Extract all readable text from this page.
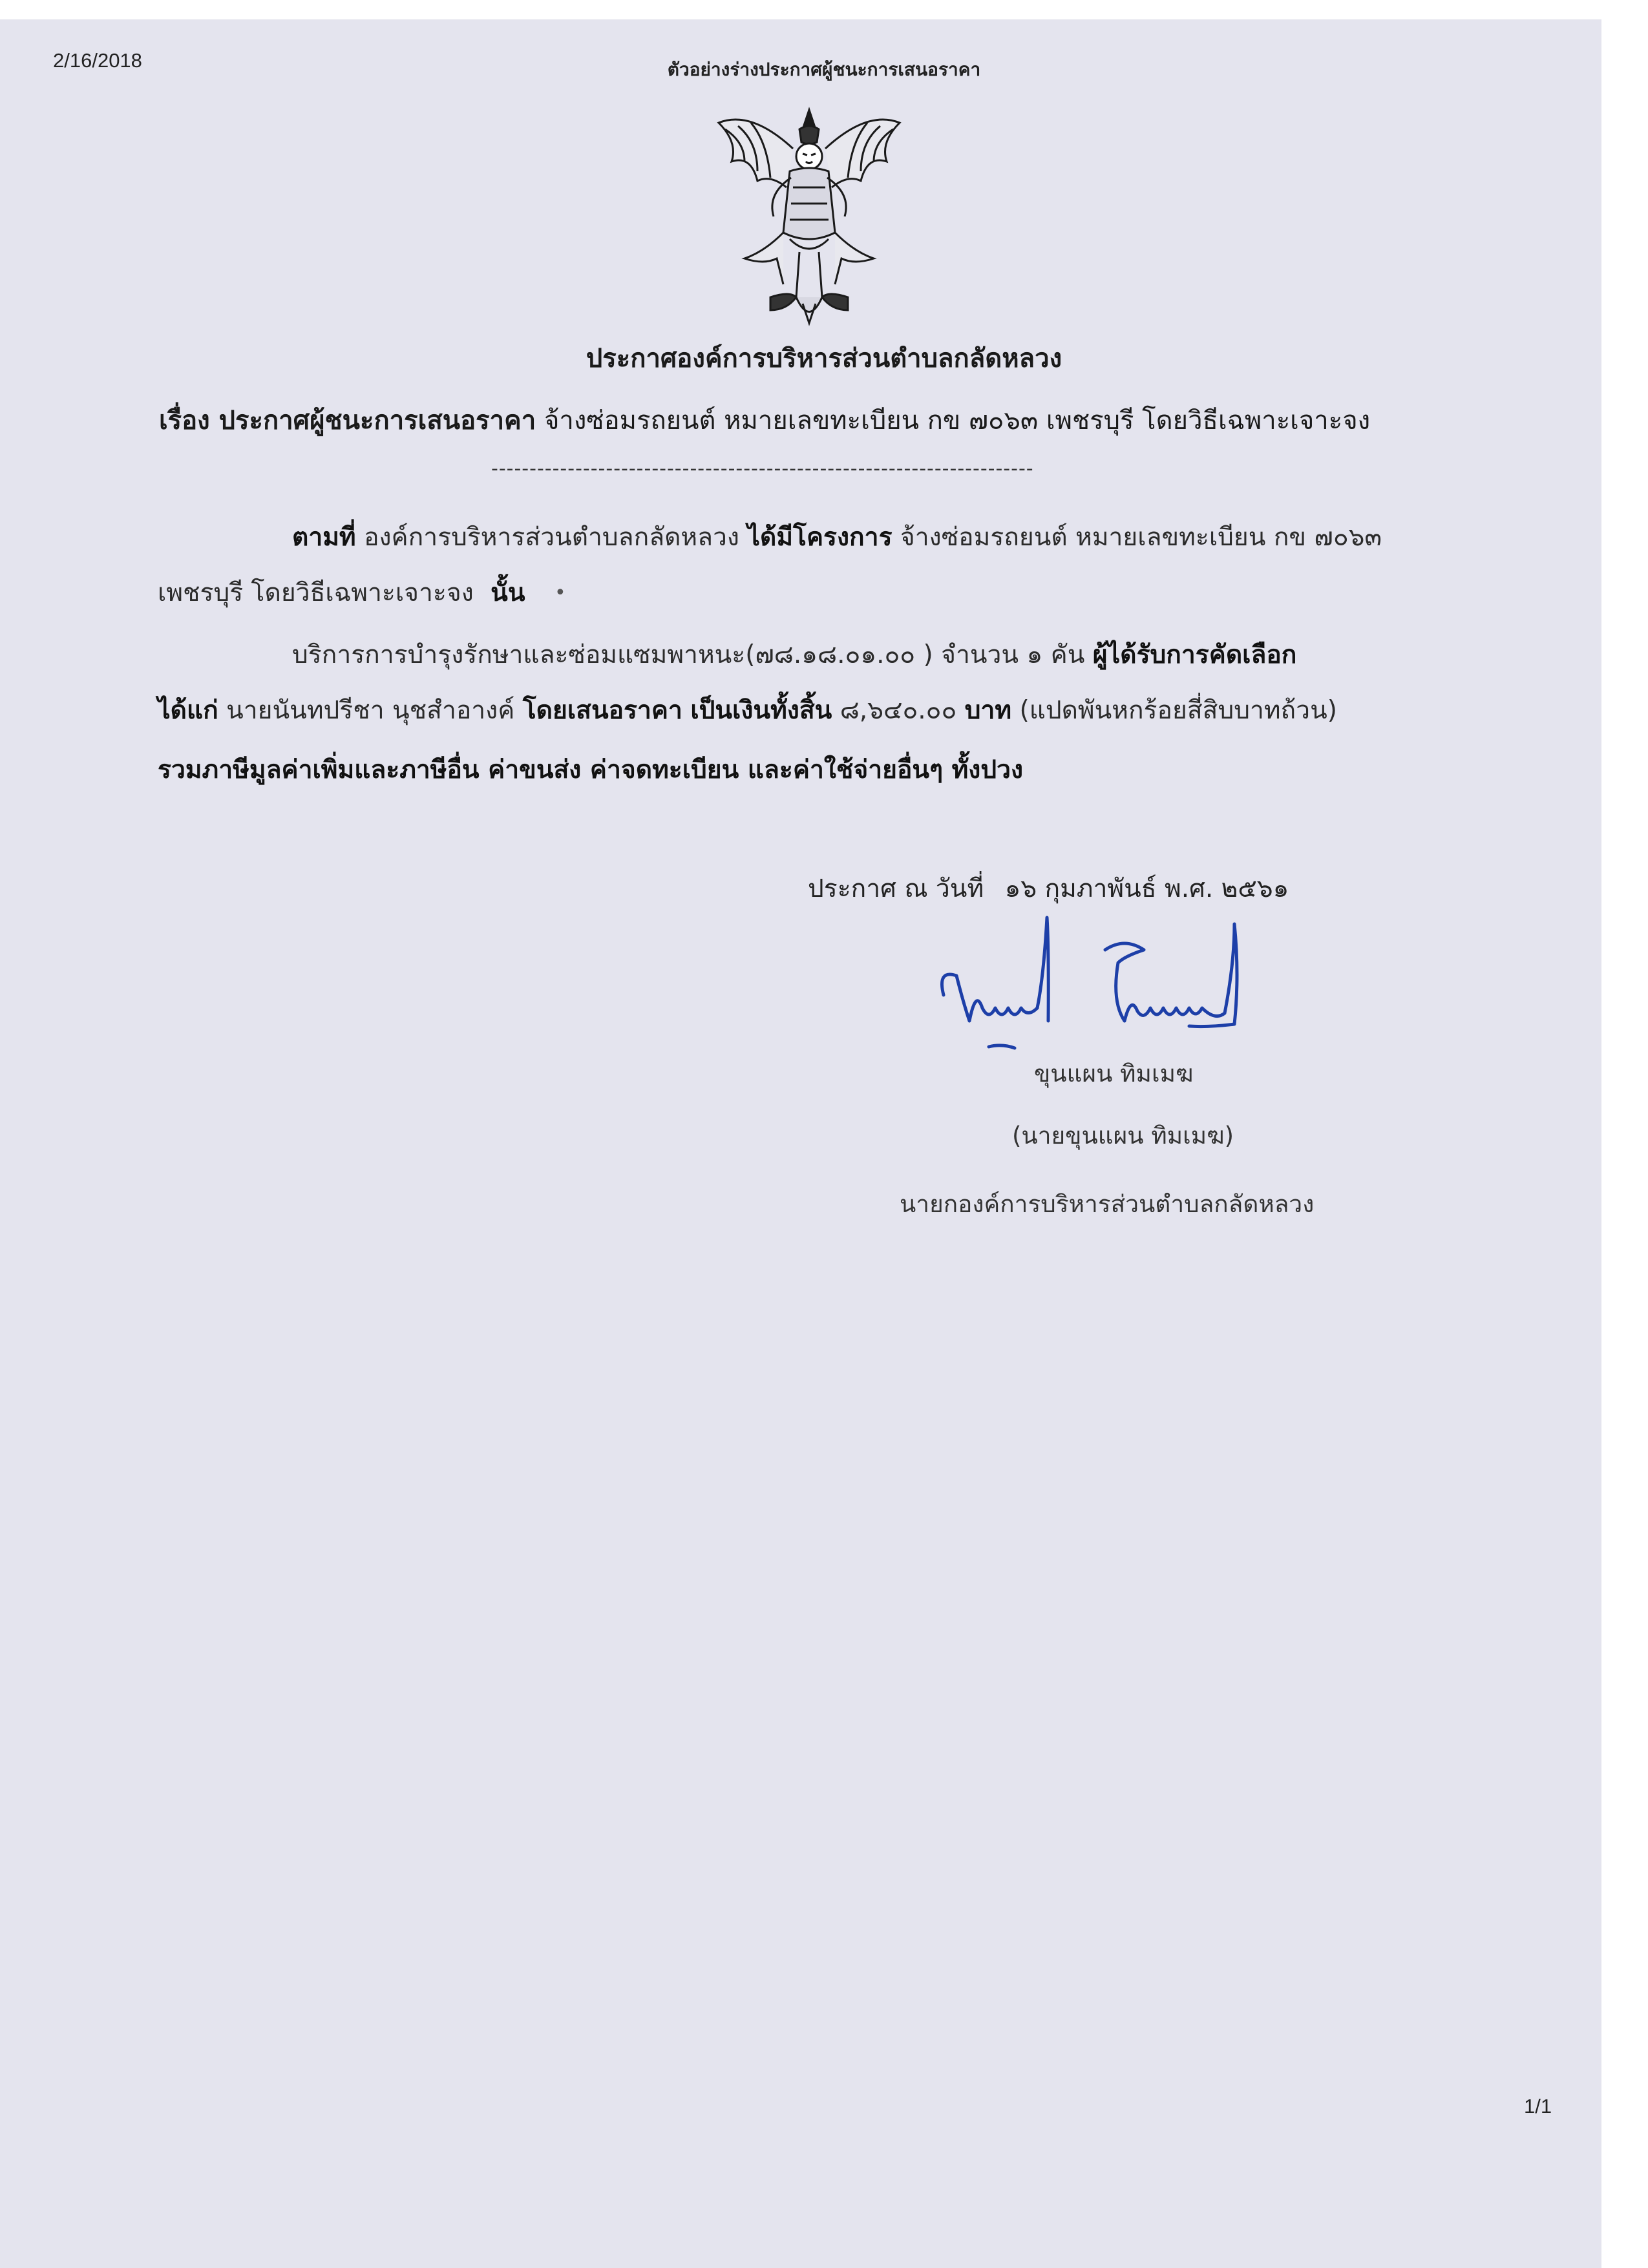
2/16/2018	ตัวอย่างร่างประกาศผู้ชนะการเสนอราคา
ประกาศองค์การบริหารส่วนตำบลกลัดหลวง
เรื่อง ประกาศผู้ชนะการเสนอราคา จ้างซ่อมรถยนต์ หมายเลขทะเบียน กข ๗๐๖๓ เพชรบุรี โดยวิธีเฉพาะเจาะจง
-----------------------------------------------------------------------
ตามที่ องค์การบริหารส่วนตำบลกลัดหลวง ได้มีโครงการ จ้างซ่อมรถยนต์ หมายเลขทะเบียน กข ๗๐๖๓
เพชรบุรี โดยวิธีเฉพาะเจาะจง นั้น •
บริการการบำรุงรักษาและซ่อมแซมพาหนะ(๗๘.๑๘.๐๑.๐๐ ) จำนวน ๑ คัน ผู้ได้รับการคัดเลือก
ได้แก่ นายนันทปรีชา นุชสำอางค์ โดยเสนอราคา เป็นเงินทั้งสิ้น ๘,๖๔๐.๐๐ บาท (แปดพันหกร้อยสี่สิบบาทถ้วน)
รวมภาษีมูลค่าเพิ่มและภาษีอื่น ค่าขนส่ง ค่าจดทะเบียน และค่าใช้จ่ายอื่นๆ ทั้งปวง
ประกาศ ณ วันที่ ๑๖ กุมภาพันธ์ พ.ศ. ๒๕๖๑
ขุนแผน ทิมเมฆ
(นายขุนแผน ทิมเมฆ)
นายกองค์การบริหารส่วนตำบลกลัดหลวง
1/1
